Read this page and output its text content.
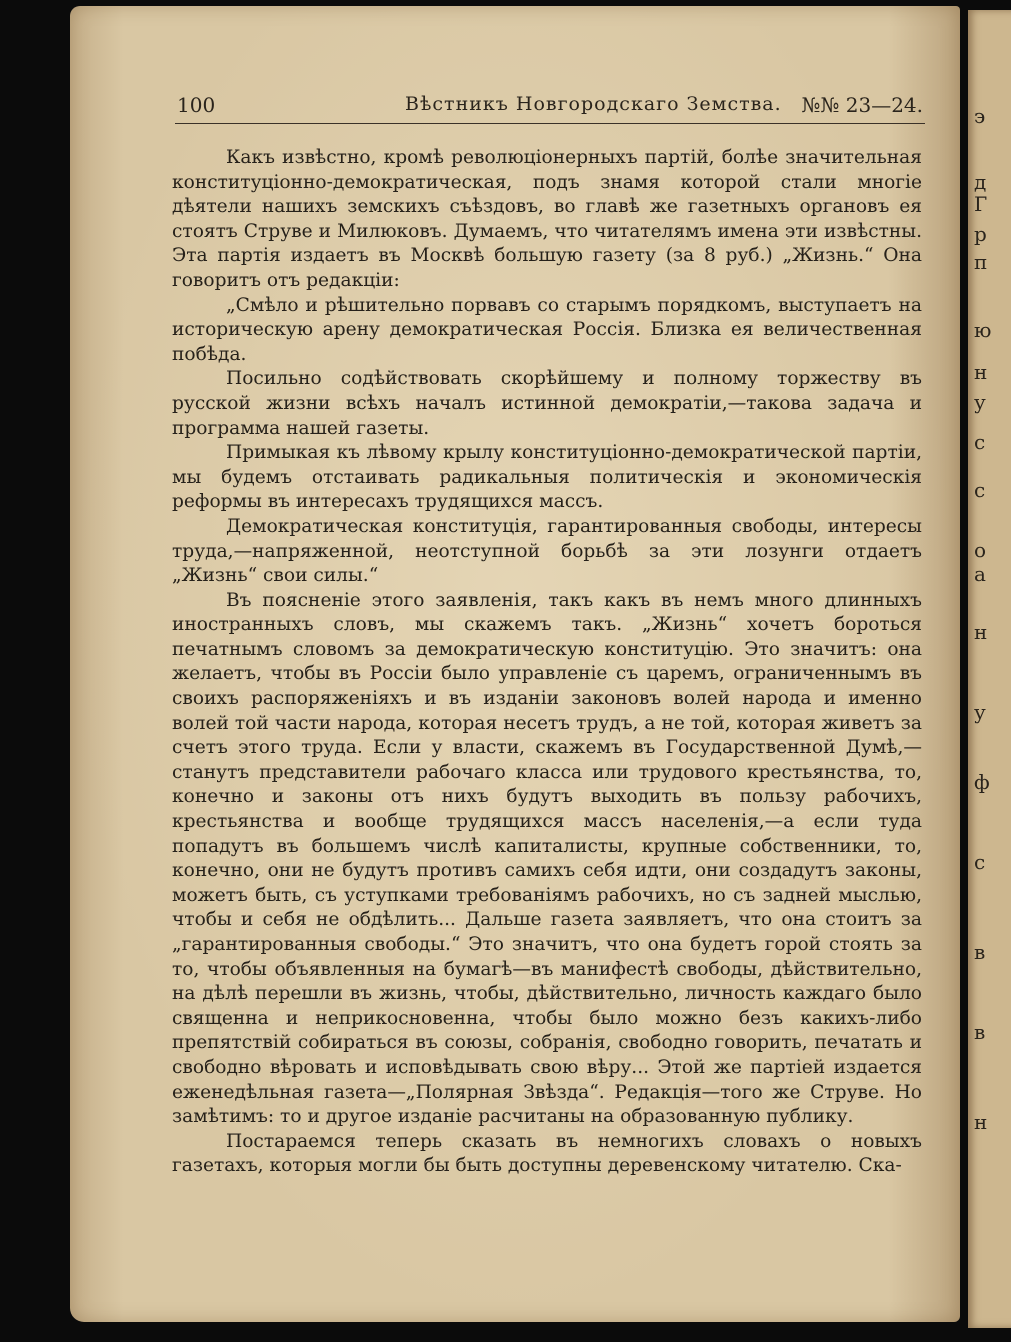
э
д
Г
р
п
ю
н
у
с
с
о
a
н
у
ф
с
в
в
н
100	Вѣстникъ Новгородскаго Земства. №№ 23—24.

Какъ извѣстно, кромѣ революціонерныхъ партій, болѣе значительная конституціонно-демократическая, подъ знамя которой стали многіе дѣятели нашихъ земскихъ съѣздовъ, во главѣ же газетныхъ органовъ ея стоятъ Струве и Милюковъ. Думаемъ, что читателямъ имена эти извѣстны. Эта партія издаетъ въ Москвѣ большую газету (за 8 руб.) „Жизнь.“ Она говоритъ отъ редакціи:

„Смѣло и рѣшительно порвавъ со старымъ порядкомъ, выступаетъ на историческую арену демократическая Россія. Близка ея величественная побѣда.

Посильно содѣйствовать скорѣйшему и полному торжеству въ русской жизни всѣхъ началъ истинной демократіи,—такова задача и программа нашей газеты.

Примыкая къ лѣвому крылу конституціонно-демократической партіи, мы будемъ отстаивать радикальныя политическія и экономическія реформы въ интересахъ трудящихся массъ.

Демократическая конституція, гарантированныя свободы, интересы труда,—напряженной, неотступной борьбѣ за эти лозунги отдаетъ „Жизнь“ свои силы.“

Въ поясненіе этого заявленія, такъ какъ въ немъ много длинныхъ иностранныхъ словъ, мы скажемъ такъ. „Жизнь“ хочетъ бороться печатнымъ словомъ за демократическую конституцію. Это значитъ: она желаетъ, чтобы въ Россіи было управленіе съ царемъ, ограниченнымъ въ своихъ распоряженіяхъ и въ изданіи законовъ волей народа и именно волей той части народа, которая несетъ трудъ, а не той, которая живетъ за счетъ этого труда. Если у власти, скажемъ въ Государственной Думѣ,—станутъ представители рабочаго класса или трудового крестьянства, то, конечно и законы отъ нихъ будутъ выходить въ пользу рабочихъ, крестьянства и вообще трудящихся массъ населенія,—а если туда попадутъ въ большемъ числѣ капиталисты, крупные собственники, то, конечно, они не будутъ противъ самихъ себя идти, они создадутъ законы, можетъ быть, съ уступками требованіямъ рабочихъ, но съ задней мыслью, чтобы и себя не обдѣлить... Дальше газета заявляетъ, что она стоитъ за „гарантированныя свободы.“ Это значитъ, что она будетъ горой стоять за то, чтобы объявленныя на бумагѣ—въ манифестѣ свободы, дѣйствительно, на дѣлѣ перешли въ жизнь, чтобы, дѣйствительно, личность каждаго было священна и неприкосновенна, чтобы было можно безъ какихъ-либо препятствій собираться въ союзы, собранія, свободно говорить, печатать и свободно вѣровать и исповѣдывать свою вѣру... Этой же партіей издается еженедѣльная газета—„Полярная Звѣзда“. Редакція—того же Струве. Но замѣтимъ: то и другое изданіе расчитаны на образованную публику.

Постараемся теперь сказать въ немногихъ словахъ о новыхъ газетахъ, которыя могли бы быть доступны деревенскому читателю. Ска-
